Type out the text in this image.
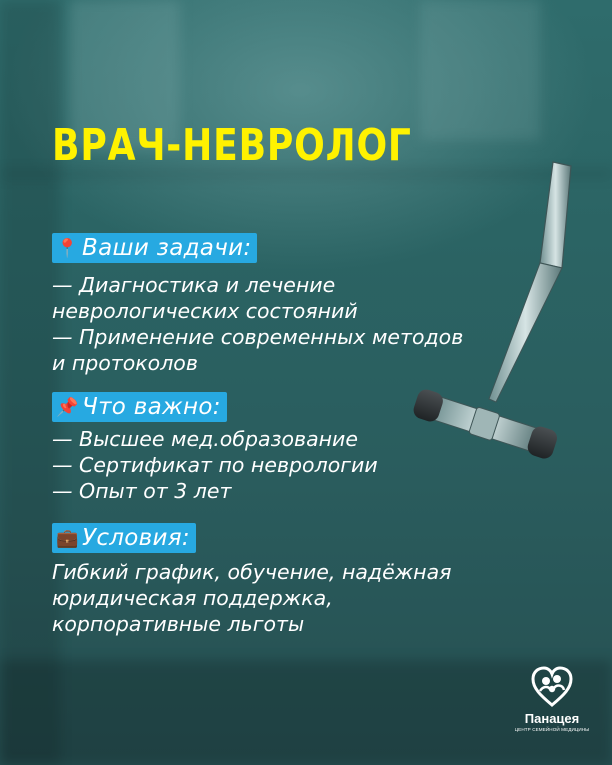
ВРАЧ-НЕВРОЛОГ
📍 Ваши задачи:
— Диагностика и лечение
неврологических состояний
— Применение современных методов
и протоколов
📌 Что важно:
— Высшее мед.образование
— Сертификат по неврологии
— Опыт от 3 лет
💼 Условия:
Гибкий график, обучение, надёжная
юридическая поддержка,
корпоративные льготы
Панацея
ЦЕНТР СЕМЕЙНОЙ МЕДИЦИНЫ
